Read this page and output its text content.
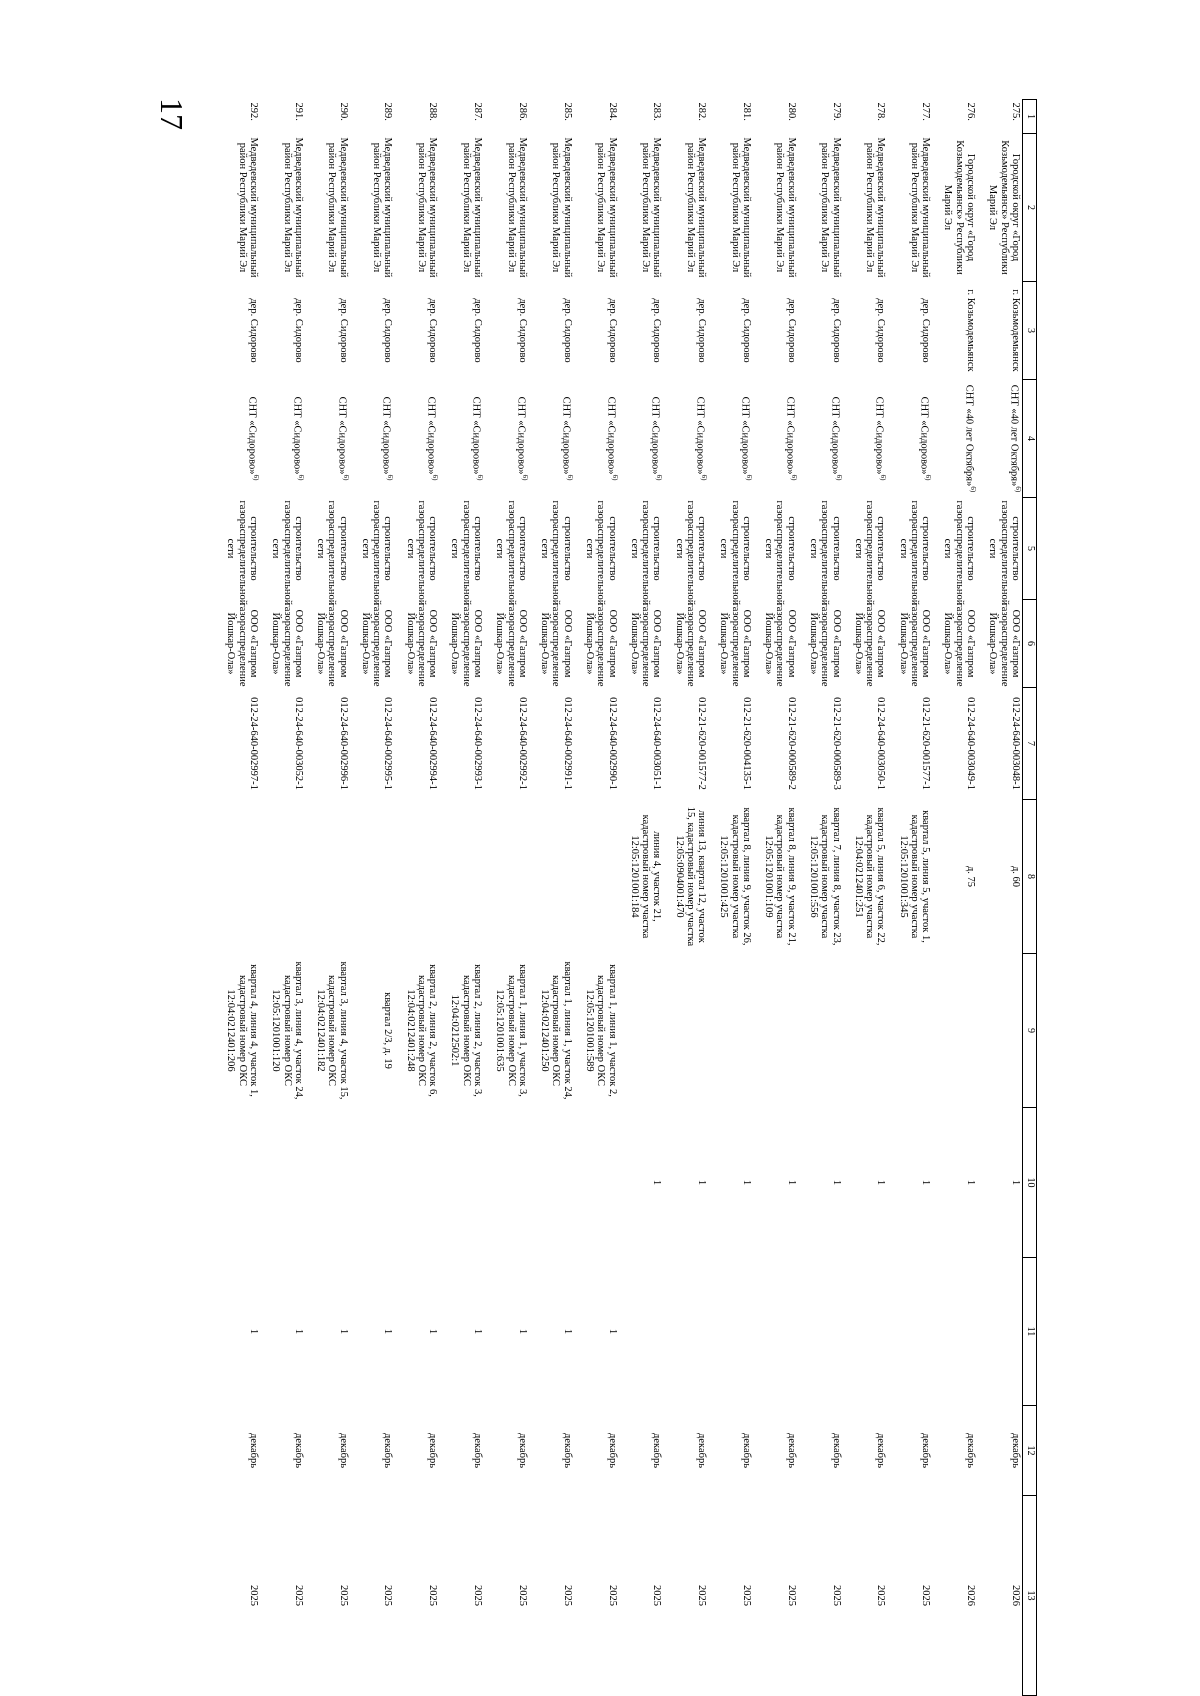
17	1	2	3	4	5	6	7	8	9	10	11	12	13
275.	Городской округ «Город Козьмодемьянск» Республики Марий Эл	г. Козьмодемьянск	СНТ «40 лет Октября»$^{6)}$	строительство газораспределительной сети	ООО «Газпром газораспределение Йошкар-Ола»	012-24-640-003048-1	д. 60		1		декабрь	2026
276.	Городской округ «Город Козьмодемьянск» Республики Марий Эл	г. Козьмодемьянск	СНТ «40 лет Октября»$^{6)}$	строительство газораспределительной сети	ООО «Газпром газораспределение Йошкар-Ола»	012-24-640-003049-1	д. 75		1		декабрь	2026
277.	Медведевский муниципальный район Республики Марий Эл	дер. Сидорово	СНТ «Сидорово»$^{6)}$	строительство газораспределительной сети	ООО «Газпром газораспределение Йошкар-Ола»	012-21-620-001577-1	квартал 5, линия 5, участок 1, кадастровый номер участка 12:05:1201001:345		1		декабрь	2025
278.	Медведевский муниципальный район Республики Марий Эл	дер. Сидорово	СНТ «Сидорово»$^{6)}$	строительство газораспределительной сети	ООО «Газпром газораспределение Йошкар-Ола»	012-24-640-003050-1	квартал 5, линия 6, участок 22, кадастровый номер участка 12:04:0212401:251		1		декабрь	2025
279.	Медведевский муниципальный район Республики Марий Эл	дер. Сидорово	СНТ «Сидорово»$^{6)}$	строительство газораспределительной сети	ООО «Газпром газораспределение Йошкар-Ола»	012-21-620-000589-3	квартал 7, линия 8, участок 23, кадастровый номер участка 12:05:1201001:556		1		декабрь	2025
280.	Медведевский муниципальный район Республики Марий Эл	дер. Сидорово	СНТ «Сидорово»$^{6)}$	строительство газораспределительной сети	ООО «Газпром газораспределение Йошкар-Ола»	012-21-620-000589-2	квартал 8, линия 9, участок 21, кадастровый номер участка 12:05:1201001:109		1		декабрь	2025
281.	Медведевский муниципальный район Республики Марий Эл	дер. Сидорово	СНТ «Сидорово»$^{6)}$	строительство газораспределительной сети	ООО «Газпром газораспределение Йошкар-Ола»	012-21-620-004135-1	квартал 8, линия 9, участок 26, кадастровый номер участка 12:05:1201001:425		1		декабрь	2025
282.	Медведевский муниципальный район Республики Марий Эл	дер. Сидорово	СНТ «Сидорово»$^{6)}$	строительство газораспределительной сети	ООО «Газпром газораспределение Йошкар-Ола»	012-21-620-001577-2	линия 13, квартал 12, участок 15, кадастровый номер участка 12:05:0904001:470		1		декабрь	2025
283.	Медведевский муниципальный район Республики Марий Эл	дер. Сидорово	СНТ «Сидорово»$^{6)}$	строительство газораспределительной сети	ООО «Газпром газораспределение Йошкар-Ола»	012-24-640-003051-1	линия 4, участок 21, кадастровый номер участка 12:05:1201001:184		1		декабрь	2025
284.	Медведевский муниципальный район Республики Марий Эл	дер. Сидорово	СНТ «Сидорово»$^{6)}$	строительство газораспределительной сети	ООО «Газпром газораспределение Йошкар-Ола»	012-24-640-002990-1		квартал 1, линия 1, участок 2, кадастровый номер ОКС 12:05:1201001:589		1	декабрь	2025
285.	Медведевский муниципальный район Республики Марий Эл	дер. Сидорово	СНТ «Сидорово»$^{6)}$	строительство газораспределительной сети	ООО «Газпром газораспределение Йошкар-Ола»	012-24-640-002991-1		квартал 1, линия 1, участок 24, кадастровый номер ОКС 12:04:0212401:250		1	декабрь	2025
286.	Медведевский муниципальный район Республики Марий Эл	дер. Сидорово	СНТ «Сидорово»$^{6)}$	строительство газораспределительной сети	ООО «Газпром газораспределение Йошкар-Ола»	012-24-640-002992-1		квартал 1, линия 1, участок 3, кадастровый номер ОКС 12:05:1201001:635		1	декабрь	2025
287.	Медведевский муниципальный район Республики Марий Эл	дер. Сидорово	СНТ «Сидорово»$^{6)}$	строительство газораспределительной сети	ООО «Газпром газораспределение Йошкар-Ола»	012-24-640-002993-1		квартал 2, линия 2, участок 3, кадастровый номер ОКС 12:04:0212502:1		1	декабрь	2025
288.	Медведевский муниципальный район Республики Марий Эл	дер. Сидорово	СНТ «Сидорово»$^{6)}$	строительство газораспределительной сети	ООО «Газпром газораспределение Йошкар-Ола»	012-24-640-002994-1		квартал 2, линия 2, участок 6, кадастровый номер ОКС 12:04:0212401:248		1	декабрь	2025
289.	Медведевский муниципальный район Республики Марий Эл	дер. Сидорово	СНТ «Сидорово»$^{6)}$	строительство газораспределительной сети	ООО «Газпром газораспределение Йошкар-Ола»	012-24-640-002995-1		квартал 2/3, д. 19		1	декабрь	2025
290.	Медведевский муниципальный район Республики Марий Эл	дер. Сидорово	СНТ «Сидорово»$^{6)}$	строительство газораспределительной сети	ООО «Газпром газораспределение Йошкар-Ола»	012-24-640-002996-1		квартал 3, линия 4, участок 15, кадастровый номер ОКС 12:04:0212401:182		1	декабрь	2025
291.	Медведевский муниципальный район Республики Марий Эл	дер. Сидорово	СНТ «Сидорово»$^{6)}$	строительство газораспределительной сети	ООО «Газпром газораспределение Йошкар-Ола»	012-24-640-003052-1		квартал 3, линия 4, участок 24, кадастровый номер ОКС 12:05:1201001:120		1	декабрь	2025
292.	Медведевский муниципальный район Республики Марий Эл	дер. Сидорово	СНТ «Сидорово»$^{6)}$	строительство газораспределительной сети	ООО «Газпром газораспределение Йошкар-Ола»	012-24-640-002997-1		квартал 4, линия 4, участок 1, кадастровый номер ОКС 12:04:0212401:206		1	декабрь	2025
